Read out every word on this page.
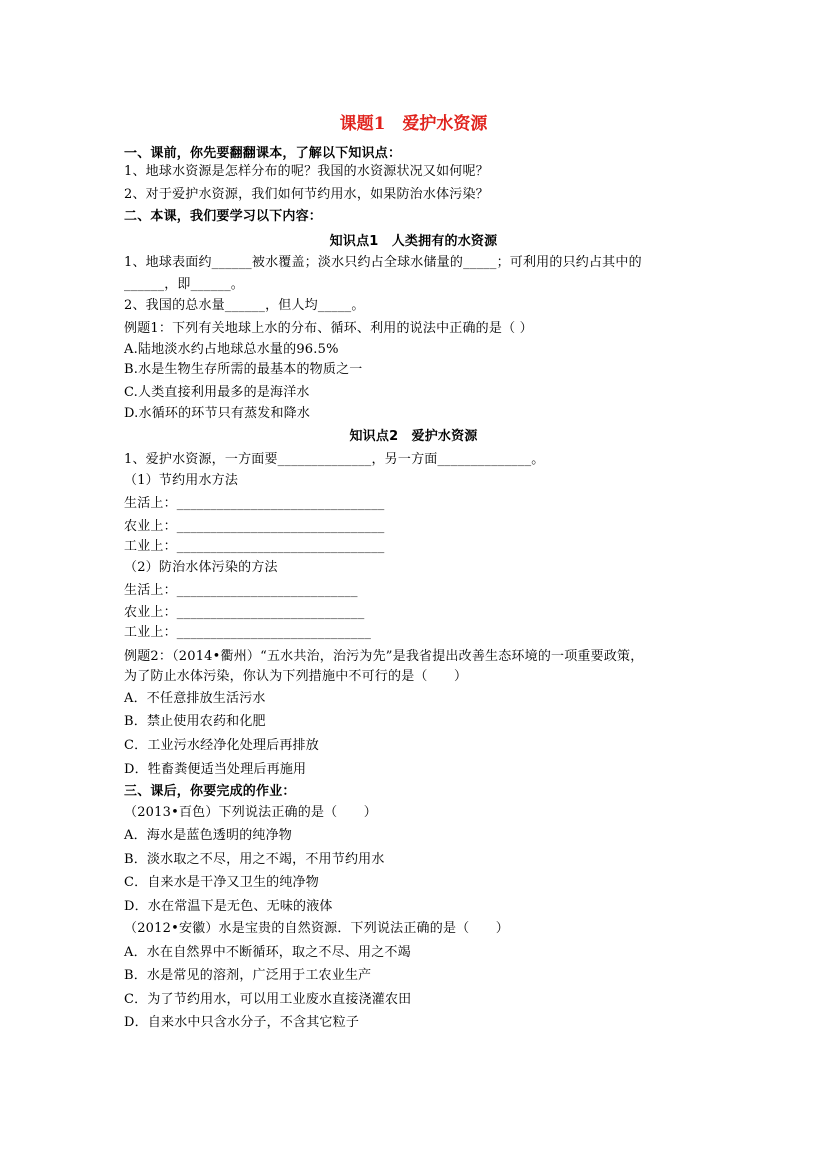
课题1　爱护水资源
一、课前，你先要翻翻课本，了解以下知识点：
1、地球水资源是怎样分布的呢？我国的水资源状况又如何呢？
2、对于爱护水资源，我们如何节约用水，如果防治水体污染？
二、本课，我们要学习以下内容：
知识点1　人类拥有的水资源
1、地球表面约______被水覆盖；淡水只约占全球水储量的_____；可利用的只约占其中的
______，即______。
2、我国的总水量______，但人均_____。
例题1：下列有关地球上水的分布、循环、利用的说法中正确的是（ ）
A.陆地淡水约占地球总水量的96.5%
B.水是生物生存所需的最基本的物质之一
C.人类直接利用最多的是海洋水
D.水循环的环节只有蒸发和降水
知识点2　爱护水资源
1、爱护水资源，一方面要______________，另一方面______________。
（1）节约用水方法
生活上：_______________________________
农业上：_______________________________
工业上：_______________________________
（2）防治水体污染的方法
生活上：___________________________
农业上：____________________________
工业上：_____________________________
例题2：（2014•衢州）“五水共治，治污为先”是我省提出改善生态环境的一项重要政策，
为了防止水体污染，你认为下列措施中不可行的是（　　）
A．不任意排放生活污水
B．禁止使用农药和化肥
C．工业污水经净化处理后再排放
D．牲畜粪便适当处理后再施用
三、课后，你要完成的作业：
（2013•百色）下列说法正确的是（　　）
A．海水是蓝色透明的纯净物
B．淡水取之不尽，用之不竭，不用节约用水
C．自来水是干净又卫生的纯净物
D．水在常温下是无色、无味的液体
（2012•安徽）水是宝贵的自然资源．下列说法正确的是（　　）
A．水在自然界中不断循环，取之不尽、用之不竭
B．水是常见的溶剂，广泛用于工农业生产
C．为了节约用水，可以用工业废水直接浇灌农田
D．自来水中只含水分子，不含其它粒子
